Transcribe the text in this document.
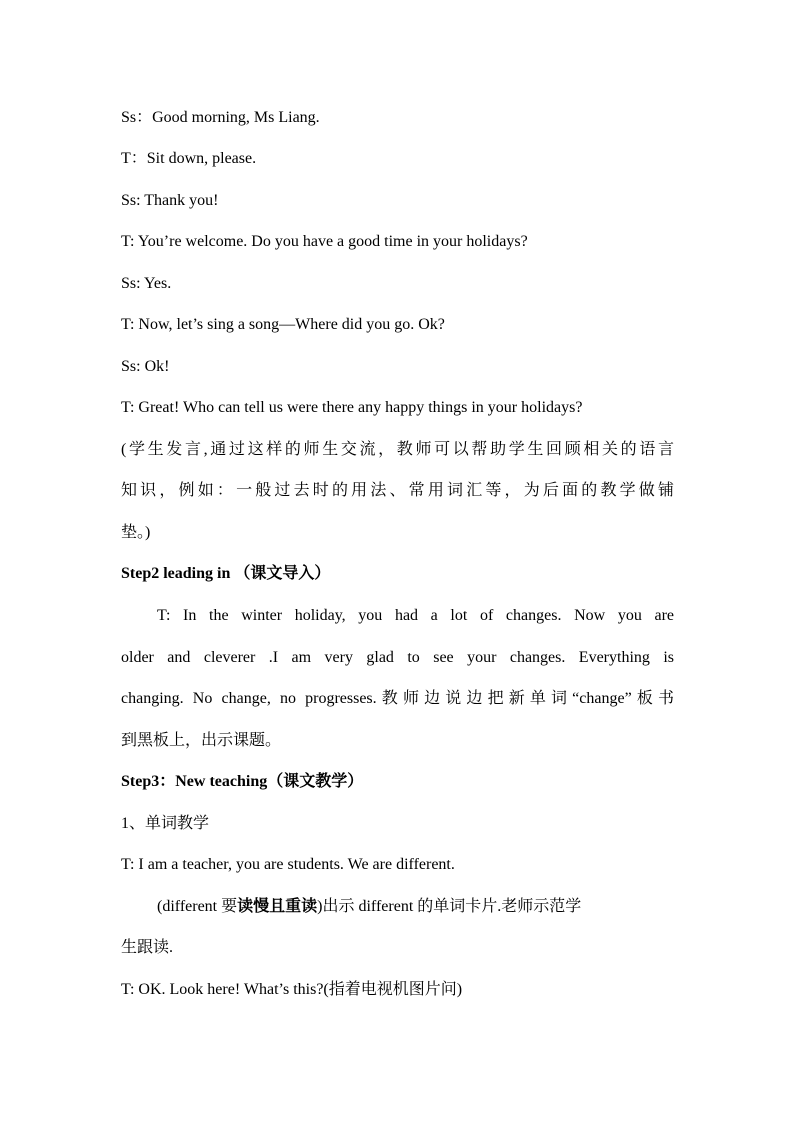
Ss：Good morning, Ms Liang.
T：Sit down, please.
Ss: Thank you!
T: You’re welcome. Do you have a good time in your holidays?
Ss: Yes.
T: Now, let’s sing a song—Where did you go. Ok?
Ss: Ok!
T: Great! Who can tell us were there any happy things in your holidays?
(学生发言,通过这样的师生交流，教师可以帮助学生回顾相关的语言
知识，例如：一般过去时的用法、常用词汇等，为后面的教学做铺
垫。)
Step2 leading in （课文导入）
T: In the winter holiday, you had a lot of changes. Now you are
older and cleverer .I am very glad to see your changes. Everything is
changing. No change, no progresses.教师边说边把新单词“change”板书
到黑板上，出示课题。
Step3：New teaching（课文教学）
1、单词教学
T: I am a teacher, you are students. We are different.
(different 要读慢且重读)出示 different 的单词卡片.老师示范学
生跟读.
T: OK. Look here! What’s this?(指着电视机图片问)
